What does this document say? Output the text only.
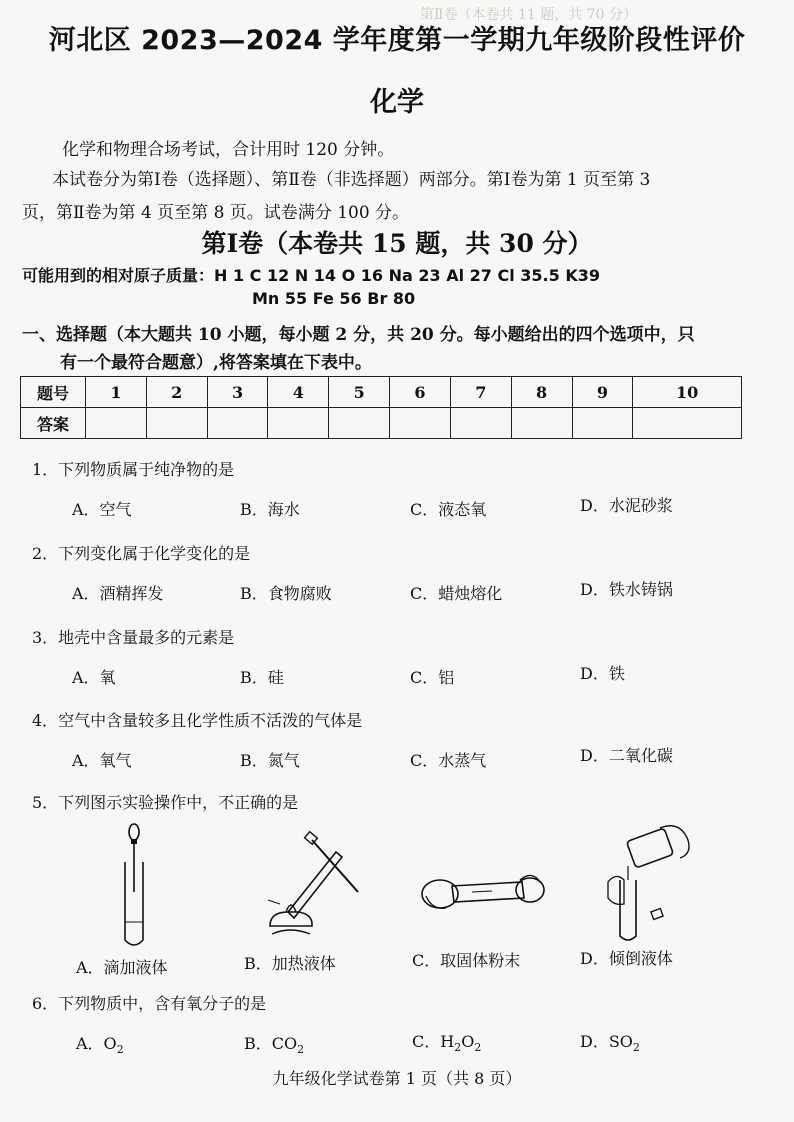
第Ⅱ卷（本卷共 11 题，共 70 分）
河北区 2023—2024 学年度第一学期九年级阶段性评价
化学
化学和物理合场考试，合计用时 120 分钟。
本试卷分为第Ⅰ卷（选择题）、第Ⅱ卷（非选择题）两部分。第Ⅰ卷为第 1 页至第 3
页，第Ⅱ卷为第 4 页至第 8 页。试卷满分 100 分。
第Ⅰ卷（本卷共 15 题，共 30 分）
可能用到的相对原子质量：H 1 C 12 N 14 O 16 Na 23 Al 27 Cl 35.5 K39
Mn 55 Fe 56 Br 80
一、选择题（本大题共 10 小题，每小题 2 分，共 20 分。每小题给出的四个选项中，只
有一个最符合题意）,将答案填在下表中。
题号	1	2	3	4	5	6	7	8	9	10
答案										
1．下列物质属于纯净物的是
A．空气	B．海水	C．液态氧	D．水泥砂浆
2．下列变化属于化学变化的是
A．酒精挥发	B．食物腐败	C．蜡烛熔化	D．铁水铸锅
3．地壳中含量最多的元素是
A．氧	B．硅	C．铝	D．铁
4．空气中含量较多且化学性质不活泼的气体是
A．氧气	B．氮气	C．水蒸气	D．二氧化碳
5．下列图示实验操作中，不正确的是
A．滴加液体	B．加热液体	C．取固体粉末	D．倾倒液体
6．下列物质中，含有氧分子的是
A．$O_2$	B．$CO_2$	C．$H_2O_2$	D．$SO_2$
九年级化学试卷第 1 页（共 8 页）
